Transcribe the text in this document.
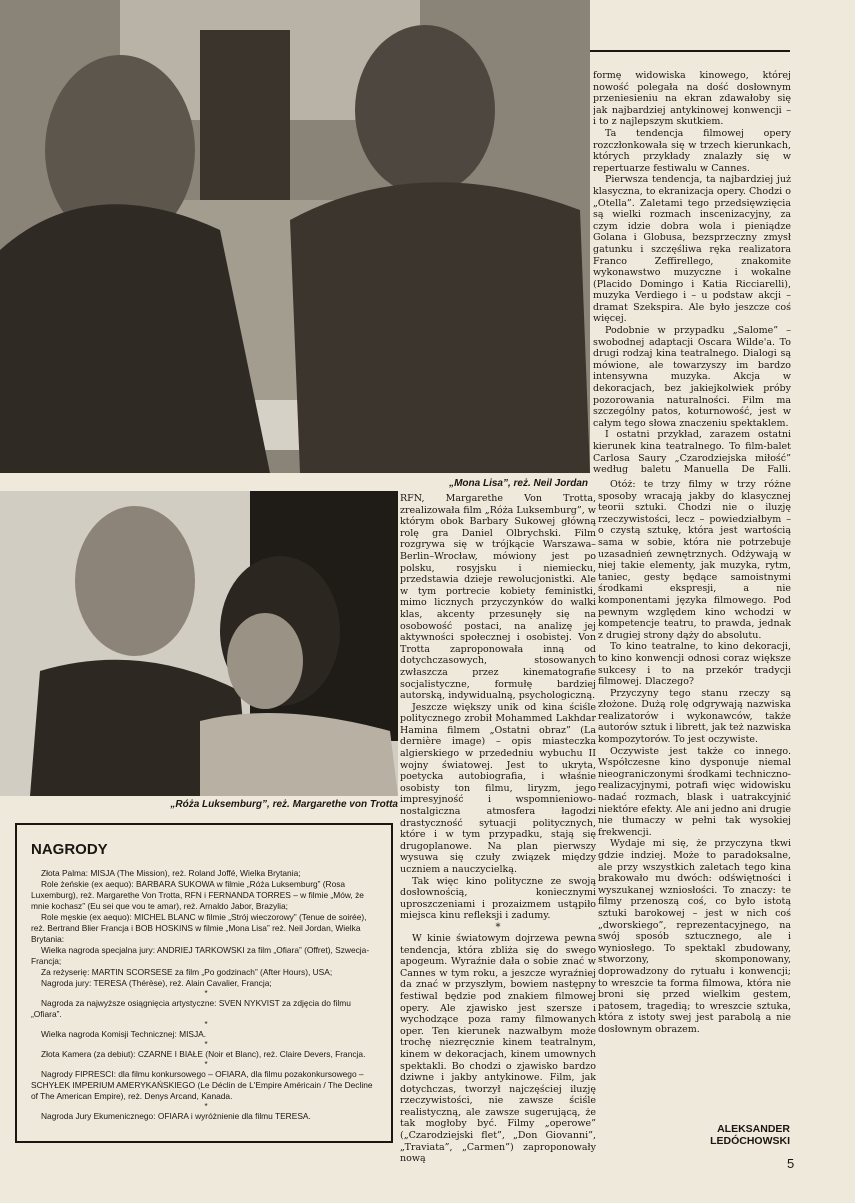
„Mona Lisa”, reż. Neil Jordan

formę widowiska kinowego, której nowość polegała na dość dosłownym przeniesieniu na ekran zdawałoby się jak najbardziej antykinowej konwencji – i to z najlepszym skutkiem.

Ta tendencja filmowej opery rozczłonkowała się w trzech kierunkach, których przykłady znalazły się w repertuarze festiwalu w Cannes.

Pierwsza tendencja, ta najbardziej już klasyczna, to ekranizacja opery. Chodzi o „Otella”. Zaletami tego przedsięwzięcia są wielki rozmach inscenizacyjny, za czym idzie dobra wola i pieniądze Golana i Globusa, bezsprzeczny zmysł gatunku i szczęśliwa ręka realizatora Franco Zeffirellego, znakomite wykonawstwo muzyczne i wokalne (Placido Domingo i Katia Ricciarelli), muzyka Verdiego i – u podstaw akcji – dramat Szekspira. Ale było jeszcze coś więcej.

Podobnie w przypadku „Salome” – swobodnej adaptacji Oscara Wilde'a. To drugi rodzaj kina teatralnego. Dialogi są mówione, ale towarzyszy im bardzo intensywna muzyka. Akcja w dekoracjach, bez jakiejkolwiek próby pozorowania naturalności. Film ma szczególny patos, koturnowość, jest w całym tego słowa znaczeniu spektaklem.

I ostatni przykład, zarazem ostatni kierunek kina teatralnego. To film-balet Carlosa Saury „Czarodziejska miłość” według baletu Manuella De Falli.

„Róża Luksemburg”, reż. Margarethe von Trotta

RFN, Margarethe Von Trotta, zrealizowała film „Róża Luksemburg”, w którym obok Barbary Sukowej główną rolę gra Daniel Olbrychski. Film rozgrywa się w trójkącie Warszawa–Berlin–Wrocław, mówiony jest po polsku, rosyjsku i niemiecku, przedstawia dzieje rewolucjonistki. Ale w tym portrecie kobiety feministki, mimo licznych przyczynków do walki klas, akcenty przesunęły się na osobowość postaci, na analizę jej aktywności społecznej i osobistej. Von Trotta zaproponowała inną od dotychczasowych, stosowanych zwłaszcza przez kinematografie socjalistyczne, formułę bardziej autorską, indywidualną, psychologiczną.

Jeszcze większy unik od kina ściśle politycznego zrobił Mohammed Lakhdar Hamina filmem „Ostatni obraz” (La dernière image) – opis miasteczka algierskiego w przededniu wybuchu II wojny światowej. Jest to ukryta, poetycka autobiografia, i właśnie osobisty ton filmu, liryzm, jego impresyjność i wspomnieniowo-nostalgiczna atmosfera łagodzi drastyczność sytuacji politycznych, które i w tym przypadku, stają się drugoplanowe. Na plan pierwszy wysuwa się czuły związek między uczniem a nauczycielką.

Tak więc kino polityczne ze swoją dosłownością, koniecznymi uproszczeniami i prozaizmem ustąpiło miejsca kinu refleksji i zadumy.

*

W kinie światowym dojrzewa pewna tendencja, która zbliża się do swego apogeum. Wyraźnie dała o sobie znać w Cannes w tym roku, a jeszcze wyraźniej da znać w przyszłym, bowiem następny festiwal będzie pod znakiem filmowej opery. Ale zjawisko jest szersze i wychodzące poza ramy filmowanych oper. Ten kierunek nazwałbym może trochę niezręcznie kinem teatralnym, kinem w dekoracjach, kinem umownych spektakli. Bo chodzi o zjawisko bardzo dziwne i jakby antykinowe. Film, jak dotychczas, tworzył najczęściej iluzję rzeczywistości, nie zawsze ściśle realistyczną, ale zawsze sugerującą, że tak mogłoby być. Filmy „operowe” („Czarodziejski flet”, „Don Giovanni”, „Traviata”, „Carmen”) zaproponowały nową

Otóż: te trzy filmy w trzy różne sposoby wracają jakby do klasycznej teorii sztuki. Chodzi nie o iluzję rzeczywistości, lecz – powiedziałbym – o czystą sztukę, która jest wartością sama w sobie, która nie potrzebuje uzasadnień zewnętrznych. Odżywają w niej takie elementy, jak muzyka, rytm, taniec, gesty będące samoistnymi środkami ekspresji, a nie komponentami języka filmowego. Pod pewnym względem kino wchodzi w kompetencje teatru, to prawda, jednak z drugiej strony dąży do absolutu.

To kino teatralne, to kino dekoracji, to kino konwencji odnosi coraz większe sukcesy i to na przekór tradycji filmowej. Dlaczego?

Przyczyny tego stanu rzeczy są złożone. Dużą rolę odgrywają nazwiska realizatorów i wykonawców, także autorów sztuk i librett, jak też nazwiska kompozytorów. To jest oczywiste.

Oczywiste jest także co innego. Współczesne kino dysponuje niemal nieograniczonymi środkami techniczno-realizacyjnymi, potrafi więc widowisku nadać rozmach, blask i uatrakcyjnić niektóre efekty. Ale ani jedno ani drugie nie tłumaczy w pełni tak wysokiej frekwencji.

Wydaje mi się, że przyczyna tkwi gdzie indziej. Może to paradoksalne, ale przy wszystkich zaletach tego kina brakowało mu dwóch: odświętności i wyszukanej wzniosłości. To znaczy: te filmy przenoszą coś, co było istotą sztuki barokowej – jest w nich coś „dworskiego”, reprezentacyjnego, na swój sposób sztucznego, ale i wyniosłego. To spektakl zbudowany, stworzony, skomponowany, doprowadzony do rytuału i konwencji; to wreszcie ta forma filmowa, która nie broni się przed wielkim gestem, patosem, tragedią; to wreszcie sztuka, która z istoty swej jest parabolą a nie dosłownym obrazem.

ALEKSANDER
LEDÓCHOWSKI
NAGRODY

Złota Palma: MISJA (The Mission), reż. Roland Joffé, Wielka Brytania;

Role żeńskie (ex aequo): BARBARA SUKOWA w filmie „Róża Luksemburg” (Rosa Luxemburg), reż. Margarethe Von Trotta, RFN i FERNANDA TORRES – w filmie „Mów, że mnie kochasz” (Eu sei que vou te amar), reż. Arnaldo Jabor, Brazylia;

Role męskie (ex aequo): MICHEL BLANC w filmie „Strój wieczorowy” (Tenue de soirée), reż. Bertrand Blier Francja i BOB HOSKINS w filmie „Mona Lisa” reż. Neil Jordan, Wielka Brytania:

Wielka nagroda specjalna jury: ANDRIEJ TARKOWSKI za film „Ofiara” (Offret), Szwecja-Francja;

Za reżyserię: MARTIN SCORSESE za film „Po godzinach” (After Hours), USA;

Nagroda jury: TERESA (Thérèse), reż. Alain Cavalier, Francja;

*

Nagroda za najwyższe osiągnięcia artystyczne: SVEN NYKVIST za zdjęcia do filmu „Ofiara”.

*

Wielka nagroda Komisji Technicznej: MISJA.

*

Złota Kamera (za debiut): CZARNE I BIAŁE (Noir et Blanc), reż. Claire Devers, Francja.

*

Nagrody FIPRESCI: dla filmu konkursowego – OFIARA, dla filmu pozakonkursowego – SCHYŁEK IMPERIUM AMERYKAŃSKIEGO (Le Déclin de L'Empire Américain / The Decline of The American Empire), reż. Denys Arcand, Kanada.

*

Nagroda Jury Ekumenicznego: OFIARA i wyróżnienie dla filmu TERESA.

5
